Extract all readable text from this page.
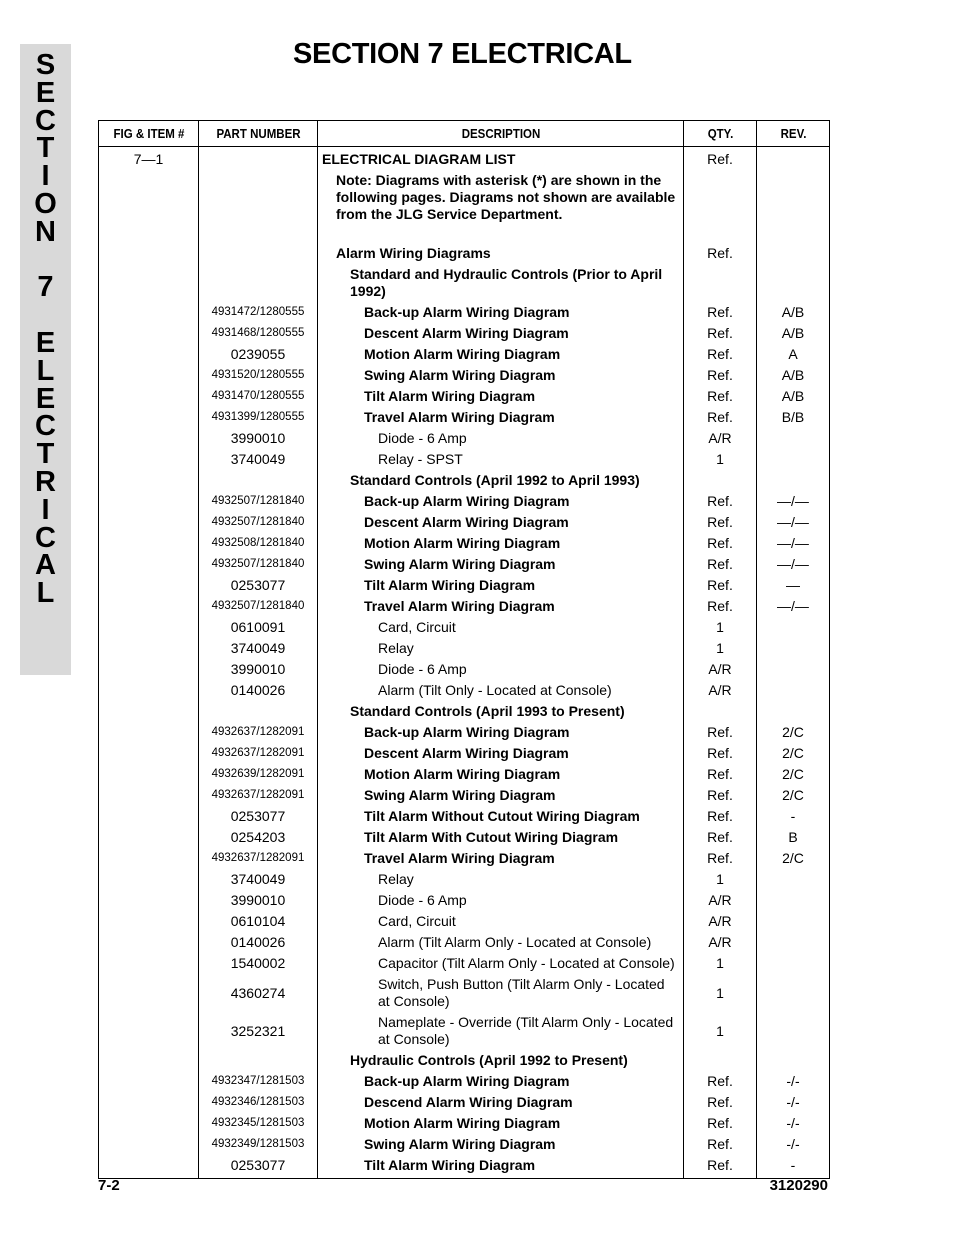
S
E
C
T
I
O
N
7
E
L
E
C
T
R
I
C
A
L
SECTION 7 ELECTRICAL
FIG & ITEM #	PART NUMBER	DESCRIPTION	QTY.	REV.
7—1		ELECTRICAL DIAGRAM LIST	Ref.	
		Note: Diagrams with asterisk (*) are shown in the following pages. Diagrams not shown are available from the JLG Service Department.		
		Alarm Wiring Diagrams	Ref.	
		Standard and Hydraulic Controls (Prior to April 1992)		
	4931472/1280555	Back-up Alarm Wiring Diagram	Ref.	A/B
	4931468/1280555	Descent Alarm Wiring Diagram	Ref.	A/B
	0239055	Motion Alarm Wiring Diagram	Ref.	A
	4931520/1280555	Swing Alarm Wiring Diagram	Ref.	A/B
	4931470/1280555	Tilt Alarm Wiring Diagram	Ref.	A/B
	4931399/1280555	Travel Alarm Wiring Diagram	Ref.	B/B
	3990010	Diode - 6 Amp	A/R	
	3740049	Relay - SPST	1	
		Standard Controls (April 1992 to April 1993)		
	4932507/1281840	Back-up Alarm Wiring Diagram	Ref.	—/—
	4932507/1281840	Descent Alarm Wiring Diagram	Ref.	—/—
	4932508/1281840	Motion Alarm Wiring Diagram	Ref.	—/—
	4932507/1281840	Swing Alarm Wiring Diagram	Ref.	—/—
	0253077	Tilt Alarm Wiring Diagram	Ref.	—
	4932507/1281840	Travel Alarm Wiring Diagram	Ref.	—/—
	0610091	Card, Circuit	1	
	3740049	Relay	1	
	3990010	Diode - 6 Amp	A/R	
	0140026	Alarm (Tilt Only - Located at Console)	A/R	
		Standard Controls (April 1993 to Present)		
	4932637/1282091	Back-up Alarm Wiring Diagram	Ref.	2/C
	4932637/1282091	Descent Alarm Wiring Diagram	Ref.	2/C
	4932639/1282091	Motion Alarm Wiring Diagram	Ref.	2/C
	4932637/1282091	Swing Alarm Wiring Diagram	Ref.	2/C
	0253077	Tilt Alarm Without Cutout Wiring Diagram	Ref.	-
	0254203	Tilt Alarm With Cutout Wiring Diagram	Ref.	B
	4932637/1282091	Travel Alarm Wiring Diagram	Ref.	2/C
	3740049	Relay	1	
	3990010	Diode - 6 Amp	A/R	
	0610104	Card, Circuit	A/R	
	0140026	Alarm (Tilt Alarm Only - Located at Console)	A/R	
	1540002	Capacitor (Tilt Alarm Only - Located at Console)	1	
	4360274	Switch, Push Button (Tilt Alarm Only - Located at Console)	1	
	3252321	Nameplate - Override (Tilt Alarm Only - Located at Console)	1	
		Hydraulic Controls (April 1992 to Present)		
	4932347/1281503	Back-up Alarm Wiring Diagram	Ref.	-/-
	4932346/1281503	Descend Alarm Wiring Diagram	Ref.	-/-
	4932345/1281503	Motion Alarm Wiring Diagram	Ref.	-/-
	4932349/1281503	Swing Alarm Wiring Diagram	Ref.	-/-
	0253077	Tilt Alarm Wiring Diagram	Ref.	-
7-2	3120290
